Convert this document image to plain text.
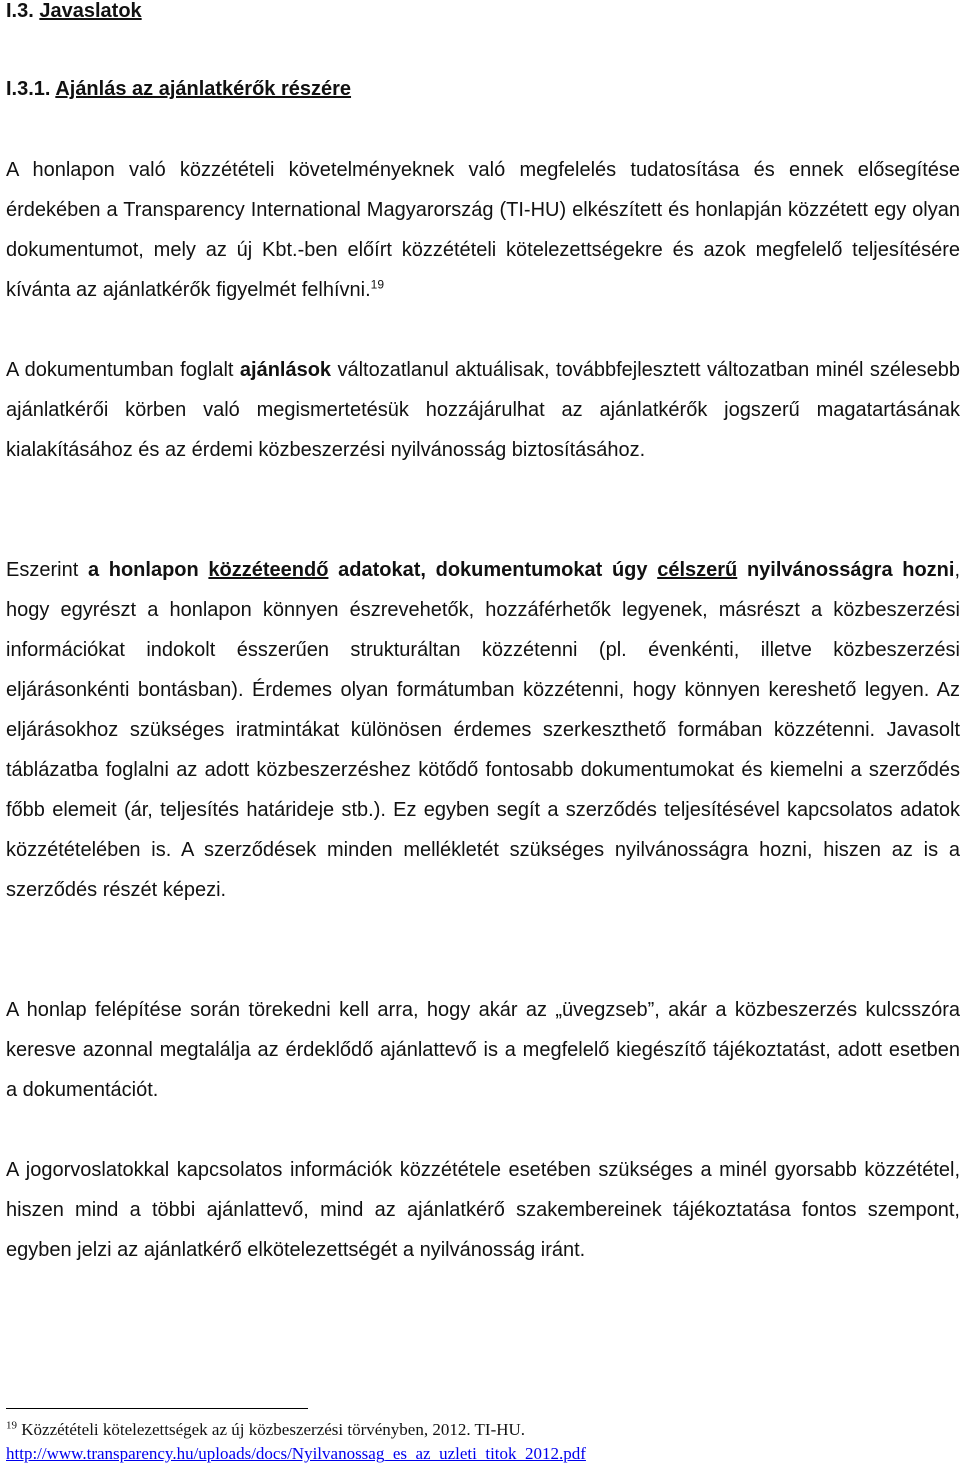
I.3. Javaslatok
I.3.1. Ajánlás az ajánlatkérők részére

A honlapon való közzétételi követelményeknek való megfelelés tudatosítása és ennek elősegítése érdekében a Transparency International Magyarország (TI-HU) elkészített és honlapján közzétett egy olyan dokumentumot, mely az új Kbt.-ben előírt közzétételi kötelezettségekre és azok megfelelő teljesítésére kívánta az ajánlatkérők figyelmét felhívni.$^{19}$

A dokumentumban foglalt ajánlások változatlanul aktuálisak, továbbfejlesztett változatban minél szélesebb ajánlatkérői körben való megismertetésük hozzájárulhat az ajánlatkérők jogszerű magatartásának kialakításához és az érdemi közbeszerzési nyilvánosság biztosításához.

Eszerint a honlapon közzéteendő adatokat, dokumentumokat úgy célszerű nyilvánosságra hozni, hogy egyrészt a honlapon könnyen észrevehetők, hozzáférhetők legyenek, másrészt a közbeszerzési információkat indokolt ésszerűen strukturáltan közzétenni (pl. évenkénti, illetve közbeszerzési eljárásonkénti bontásban). Érdemes olyan formátumban közzétenni, hogy könnyen kereshető legyen. Az eljárásokhoz szükséges iratmintákat különösen érdemes szerkeszthető formában közzétenni. Javasolt táblázatba foglalni az adott közbeszerzéshez kötődő fontosabb dokumentumokat és kiemelni a szerződés főbb elemeit (ár, teljesítés határideje stb.). Ez egyben segít a szerződés teljesítésével kapcsolatos adatok közzétételében is. A szerződések minden mellékletét szükséges nyilvánosságra hozni, hiszen az is a szerződés részét képezi.

A honlap felépítése során törekedni kell arra, hogy akár az „üvegzseb”, akár a közbeszerzés kulcsszóra keresve azonnal megtalálja az érdeklődő ajánlattevő is a megfelelő kiegészítő tájékoztatást, adott esetben a dokumentációt.

A jogorvoslatokkal kapcsolatos információk közzététele esetében szükséges a minél gyorsabb közzététel, hiszen mind a többi ajánlattevő, mind az ajánlatkérő szakembereinek tájékoztatása fontos szempont, egyben jelzi az ajánlatkérő elkötelezettségét a nyilvánosság iránt.

$^{19}$ Közzétételi kötelezettségek az új közbeszerzési törvényben, 2012. TI-HU.
http://www.transparency.hu/uploads/docs/Nyilvanossag_es_az_uzleti_titok_2012.pdf
